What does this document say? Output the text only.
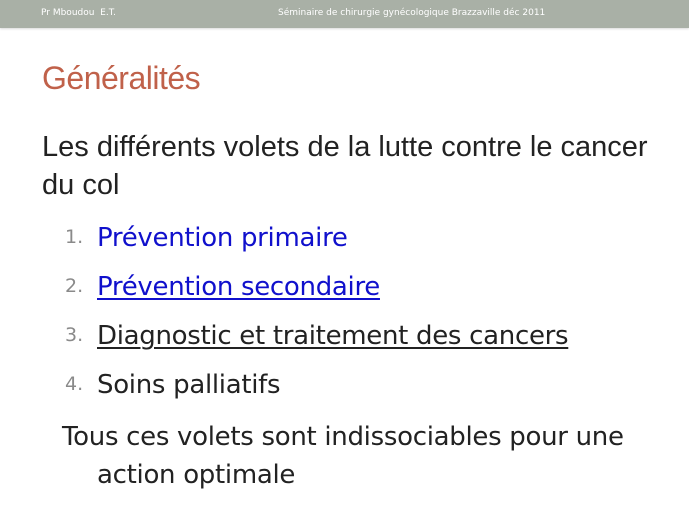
Pr Mboudou  E.T.	Séminaire de chirurgie gynécologique Brazzaville déc 2011
Généralités

Les différents volets de la lutte contre le cancer du col

1. Prévention primaire
2. Prévention secondaire
3. Diagnostic et traitement des cancers
4. Soins palliatifs

Tous ces volets sont indissociables pour une action optimale
